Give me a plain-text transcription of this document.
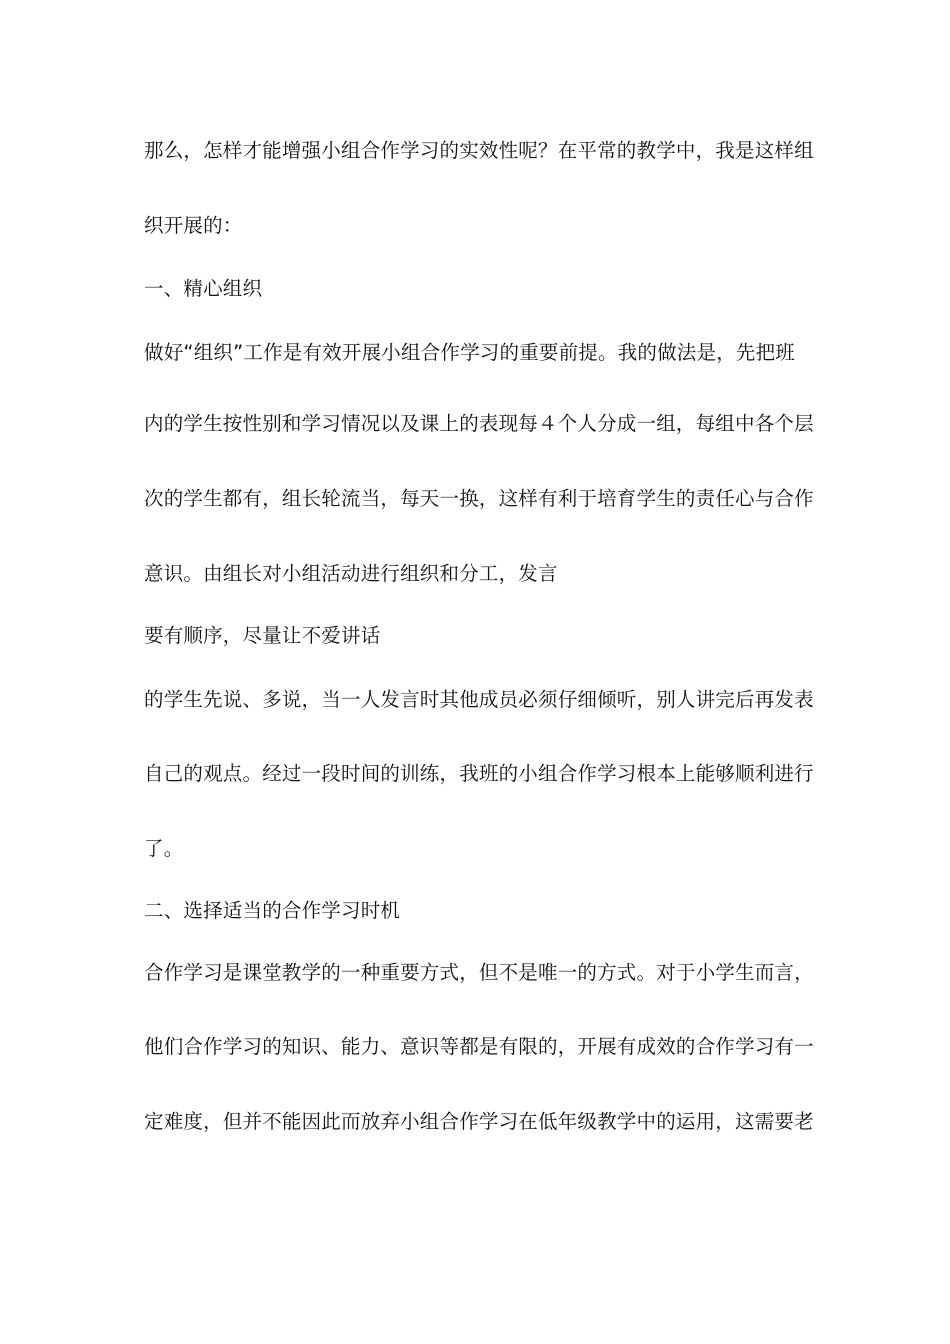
那么，怎样才能增强小组合作学习的实效性呢？在平常的教学中，我是这样组
织开展的：
一、精心组织
做好“组织”工作是有效开展小组合作学习的重要前提。我的做法是，先把班
内的学生按性别和学习情况以及课上的表现每４个人分成一组，每组中各个层
次的学生都有，组长轮流当，每天一换，这样有利于培育学生的责任心与合作
意识。由组长对小组活动进行组织和分工，发言
要有顺序，尽量让不爱讲话
的学生先说、多说，当一人发言时其他成员必须仔细倾听，别人讲完后再发表
自己的观点。经过一段时间的训练，我班的小组合作学习根本上能够顺利进行
了。
二、选择适当的合作学习时机
合作学习是课堂教学的一种重要方式，但不是唯一的方式。对于小学生而言，
他们合作学习的知识、能力、意识等都是有限的，开展有成效的合作学习有一
定难度，但并不能因此而放弃小组合作学习在低年级教学中的运用，这需要老
